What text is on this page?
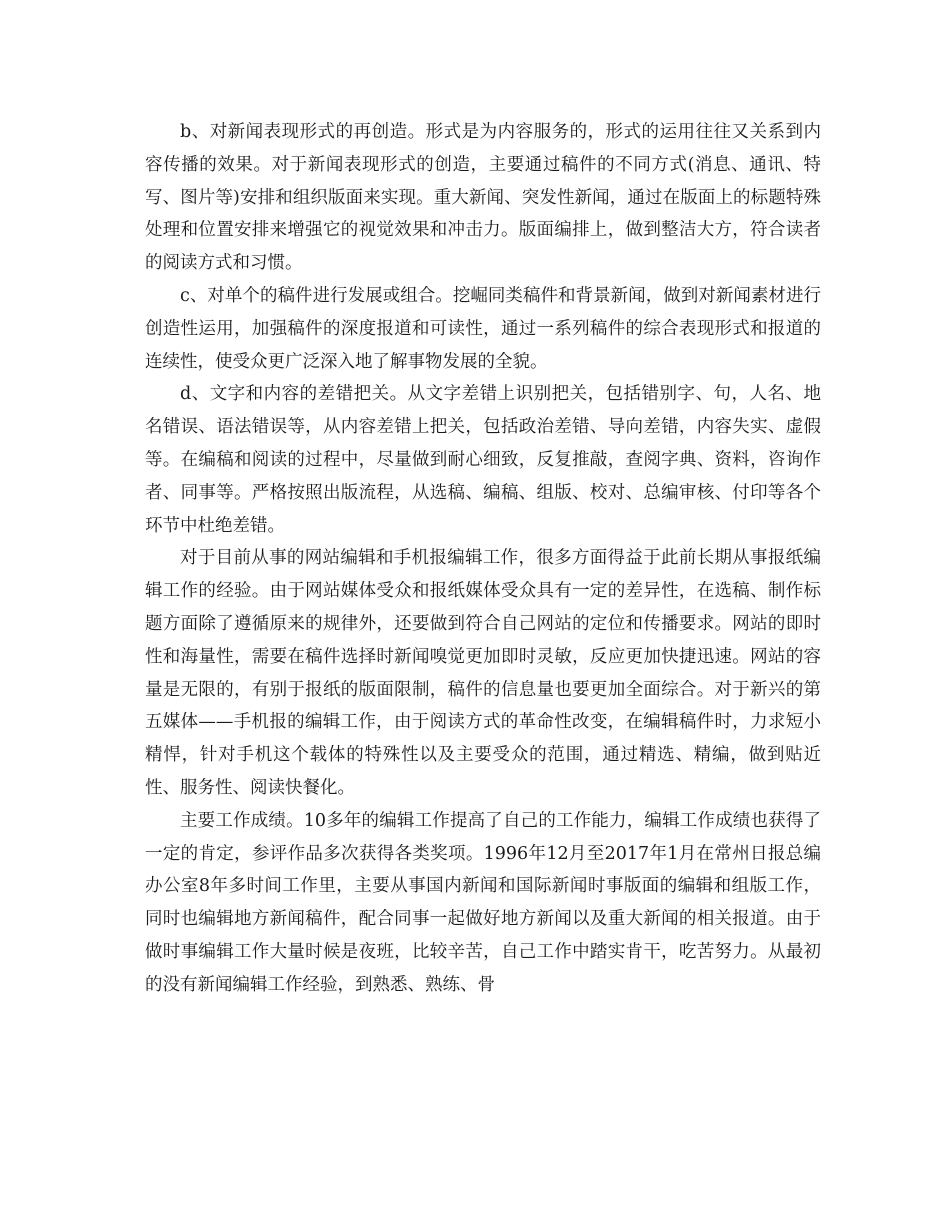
b、对新闻表现形式的再创造。形式是为内容服务的，形式的运用往往又关系到内容传播的效果。对于新闻表现形式的创造，主要通过稿件的不同方式(消息、通讯、特写、图片等)安排和组织版面来实现。重大新闻、突发性新闻，通过在版面上的标题特殊处理和位置安排来增强它的视觉效果和冲击力。版面编排上，做到整洁大方，符合读者的阅读方式和习惯。

c、对单个的稿件进行发展或组合。挖崛同类稿件和背景新闻，做到对新闻素材进行创造性运用，加强稿件的深度报道和可读性，通过一系列稿件的综合表现形式和报道的连续性，使受众更广泛深入地了解事物发展的全貌。

d、文字和内容的差错把关。从文字差错上识别把关，包括错别字、句，人名、地名错误、语法错误等，从内容差错上把关，包括政治差错、导向差错，内容失实、虚假等。在编稿和阅读的过程中，尽量做到耐心细致，反复推敲，查阅字典、资料，咨询作者、同事等。严格按照出版流程，从选稿、编稿、组版、校对、总编审核、付印等各个环节中杜绝差错。

对于目前从事的网站编辑和手机报编辑工作，很多方面得益于此前长期从事报纸编辑工作的经验。由于网站媒体受众和报纸媒体受众具有一定的差异性，在选稿、制作标题方面除了遵循原来的规律外，还要做到符合自己网站的定位和传播要求。网站的即时性和海量性，需要在稿件选择时新闻嗅觉更加即时灵敏，反应更加快捷迅速。网站的容量是无限的，有别于报纸的版面限制，稿件的信息量也要更加全面综合。对于新兴的第五媒体——手机报的编辑工作，由于阅读方式的革命性改变，在编辑稿件时，力求短小精悍，针对手机这个载体的特殊性以及主要受众的范围，通过精选、精编，做到贴近性、服务性、阅读快餐化。

主要工作成绩。10多年的编辑工作提高了自己的工作能力，编辑工作成绩也获得了一定的肯定，参评作品多次获得各类奖项。1996年12月至2017年1月在常州日报总编办公室8年多时间工作里，主要从事国内新闻和国际新闻时事版面的编辑和组版工作，同时也编辑地方新闻稿件，配合同事一起做好地方新闻以及重大新闻的相关报道。由于做时事编辑工作大量时候是夜班，比较辛苦，自己工作中踏实肯干，吃苦努力。从最初的没有新闻编辑工作经验，到熟悉、熟练、骨
